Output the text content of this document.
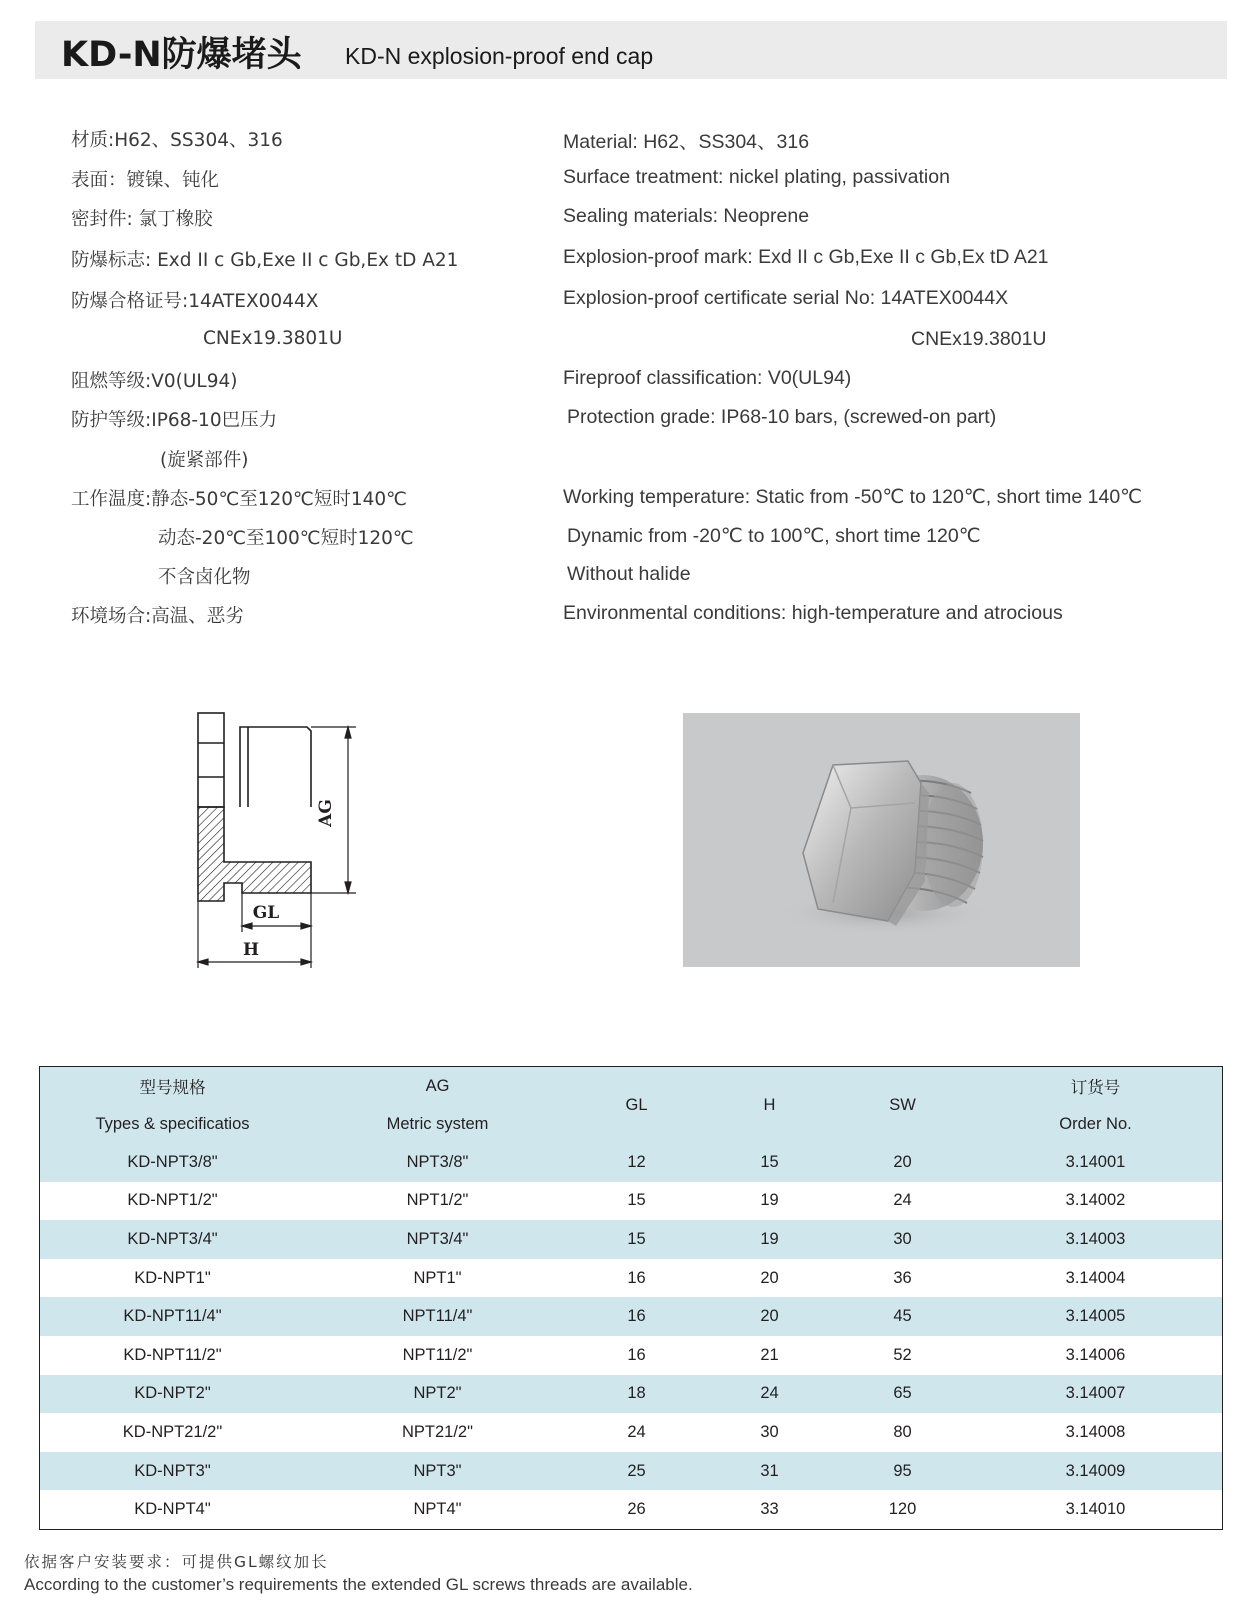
KD-N防爆堵头 KD-N explosion-proof end cap
材质:H62、SS304、316
表面：镀镍、钝化
密封件: 氯丁橡胶
防爆标志: Exd II c Gb,Exe II c Gb,Ex tD A21
防爆合格证号:14ATEX0044X
CNEx19.3801U
阻燃等级:V0(UL94)
防护等级:IP68-10巴压力
(旋紧部件)
工作温度:静态-50℃至120℃短时140℃
动态-20℃至100℃短时120℃
不含卤化物
环境场合:高温、恶劣
Material: H62、SS304、316
Surface treatment: nickel plating, passivation
Sealing materials: Neoprene
Explosion-proof mark: Exd II c Gb,Exe II c Gb,Ex tD A21
Explosion-proof certificate serial No: 14ATEX0044X
CNEx19.3801U
Fireproof classification: V0(UL94)
Protection grade: IP68-10 bars, (screwed-on part)
Working temperature: Static from -50℃ to 120℃, short time 140℃
Dynamic from -20℃ to 100℃, short time 120℃
Without halide
Environmental conditions: high-temperature and atrocious
AG
GL
H
型号规格	AG	GL	H	SW	订货号
Types & specificatios	Metric system				Order No.
KD-NPT3/8"	NPT3/8"	12	15	20	3.14001
KD-NPT1/2"	NPT1/2"	15	19	24	3.14002
KD-NPT3/4"	NPT3/4"	15	19	30	3.14003
KD-NPT1"	NPT1"	16	20	36	3.14004
KD-NPT11/4"	NPT11/4"	16	20	45	3.14005
KD-NPT11/2"	NPT11/2"	16	21	52	3.14006
KD-NPT2"	NPT2"	18	24	65	3.14007
KD-NPT21/2"	NPT21/2"	24	30	80	3.14008
KD-NPT3"	NPT3"	25	31	95	3.14009
KD-NPT4"	NPT4"	26	33	120	3.14010
依据客户安装要求：可提供GL螺纹加长
According to the customer’s requirements the extended GL screws threads are available.
